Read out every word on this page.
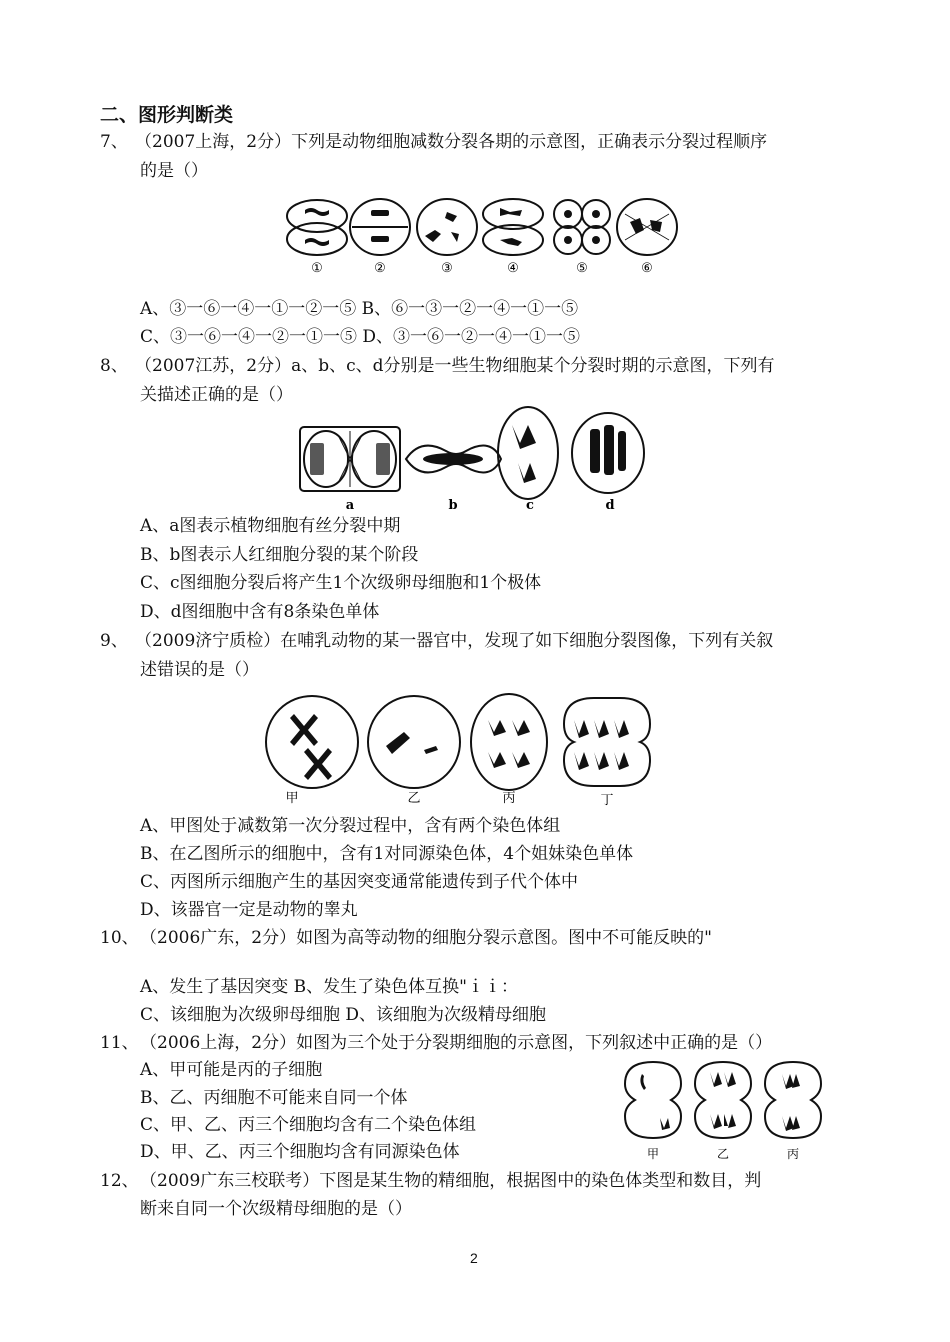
二、图形判断类
7、 （2007上海，2分）下列是动物细胞减数分裂各期的示意图，正确表示分裂过程顺序
的是（）
①	②	③	④	⑤	⑥
A、③一⑥一④一①一②一⑤ B、⑥一③一②一④一①一⑤
C、③一⑥一④一②一①一⑤ D、③一⑥一②一④一①一⑤
8、 （2007江苏，2分）a、b、c、d分别是一些生物细胞某个分裂时期的示意图，下列有
关描述正确的是（）
a	b	c	d
A、a图表示植物细胞有丝分裂中期
B、b图表示人红细胞分裂的某个阶段
C、c图细胞分裂后将产生1个次级卵母细胞和1个极体
D、d图细胞中含有8条染色单体
9、 （2009济宁质检）在哺乳动物的某一器官中，发现了如下细胞分裂图像，下列有关叙
述错误的是（）
甲	乙	丙	丁
A、甲图处于减数第一次分裂过程中，含有两个染色体组
B、在乙图所示的细胞中，含有1对同源染色体，4个姐妹染色单体
C、丙图所示细胞产生的基因突变通常能遗传到子代个体中
D、该器官一定是动物的睾丸
10、 （2006广东，2分）如图为高等动物的细胞分裂示意图。图中不可能反映的"
A、发生了基因突变 B、发生了染色体互换"ｉｉ：
C、该细胞为次级卵母细胞 D、该细胞为次级精母细胞
11、 （2006上海，2分）如图为三个处于分裂期细胞的示意图，下列叙述中正确的是（）
A、甲可能是丙的子细胞
B、乙、丙细胞不可能来自同一个体
C、甲、乙、丙三个细胞均含有二个染色体组
D、甲、乙、丙三个细胞均含有同源染色体	甲	乙	丙
12、 （2009广东三校联考）下图是某生物的精细胞，根据图中的染色体类型和数目，判
断来自同一个次级精母细胞的是（）
2
